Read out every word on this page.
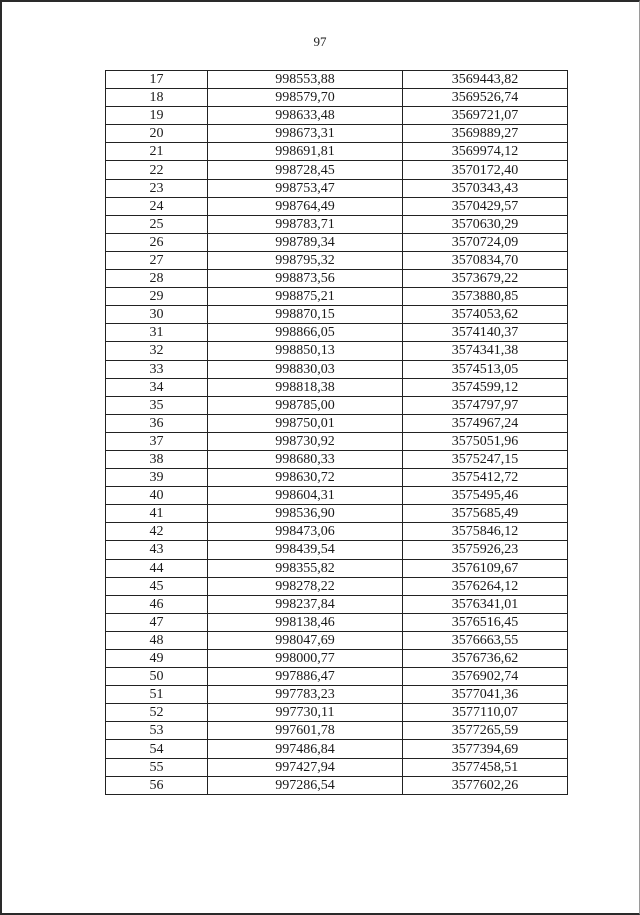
97
17	998553,88	3569443,82
18	998579,70	3569526,74
19	998633,48	3569721,07
20	998673,31	3569889,27
21	998691,81	3569974,12
22	998728,45	3570172,40
23	998753,47	3570343,43
24	998764,49	3570429,57
25	998783,71	3570630,29
26	998789,34	3570724,09
27	998795,32	3570834,70
28	998873,56	3573679,22
29	998875,21	3573880,85
30	998870,15	3574053,62
31	998866,05	3574140,37
32	998850,13	3574341,38
33	998830,03	3574513,05
34	998818,38	3574599,12
35	998785,00	3574797,97
36	998750,01	3574967,24
37	998730,92	3575051,96
38	998680,33	3575247,15
39	998630,72	3575412,72
40	998604,31	3575495,46
41	998536,90	3575685,49
42	998473,06	3575846,12
43	998439,54	3575926,23
44	998355,82	3576109,67
45	998278,22	3576264,12
46	998237,84	3576341,01
47	998138,46	3576516,45
48	998047,69	3576663,55
49	998000,77	3576736,62
50	997886,47	3576902,74
51	997783,23	3577041,36
52	997730,11	3577110,07
53	997601,78	3577265,59
54	997486,84	3577394,69
55	997427,94	3577458,51
56	997286,54	3577602,26
